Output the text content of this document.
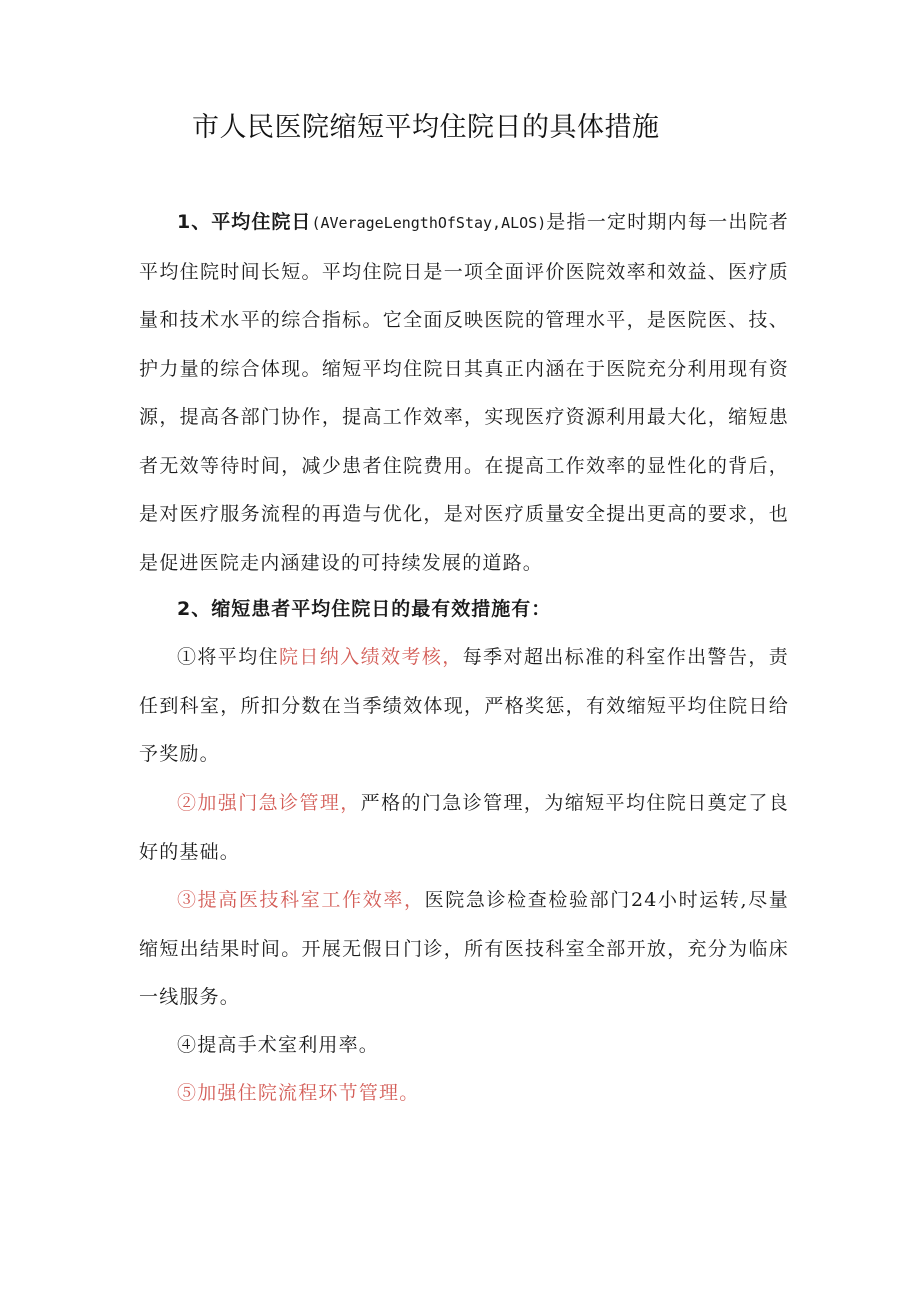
市人民医院缩短平均住院日的具体措施

1、平均住院日(AVerageLengthOfStay,ALOS)是指一定时期内每一出院者平均住院时间长短。平均住院日是一项全面评价医院效率和效益、医疗质量和技术水平的综合指标。它全面反映医院的管理水平，是医院医、技、护力量的综合体现。缩短平均住院日其真正内涵在于医院充分利用现有资源，提高各部门协作，提高工作效率，实现医疗资源利用最大化，缩短患者无效等待时间，减少患者住院费用。在提高工作效率的显性化的背后，是对医疗服务流程的再造与优化，是对医疗质量安全提出更高的要求，也是促进医院走内涵建设的可持续发展的道路。

2、缩短患者平均住院日的最有效措施有：

①将平均住院日纳入绩效考核，每季对超出标准的科室作出警告，责任到科室，所扣分数在当季绩效体现，严格奖惩，有效缩短平均住院日给予奖励。

②加强门急诊管理，严格的门急诊管理，为缩短平均住院日奠定了良好的基础。

③提高医技科室工作效率，医院急诊检查检验部门24小时运转,尽量缩短出结果时间。开展无假日门诊，所有医技科室全部开放，充分为临床一线服务。

④提高手术室利用率。

⑤加强住院流程环节管理。
